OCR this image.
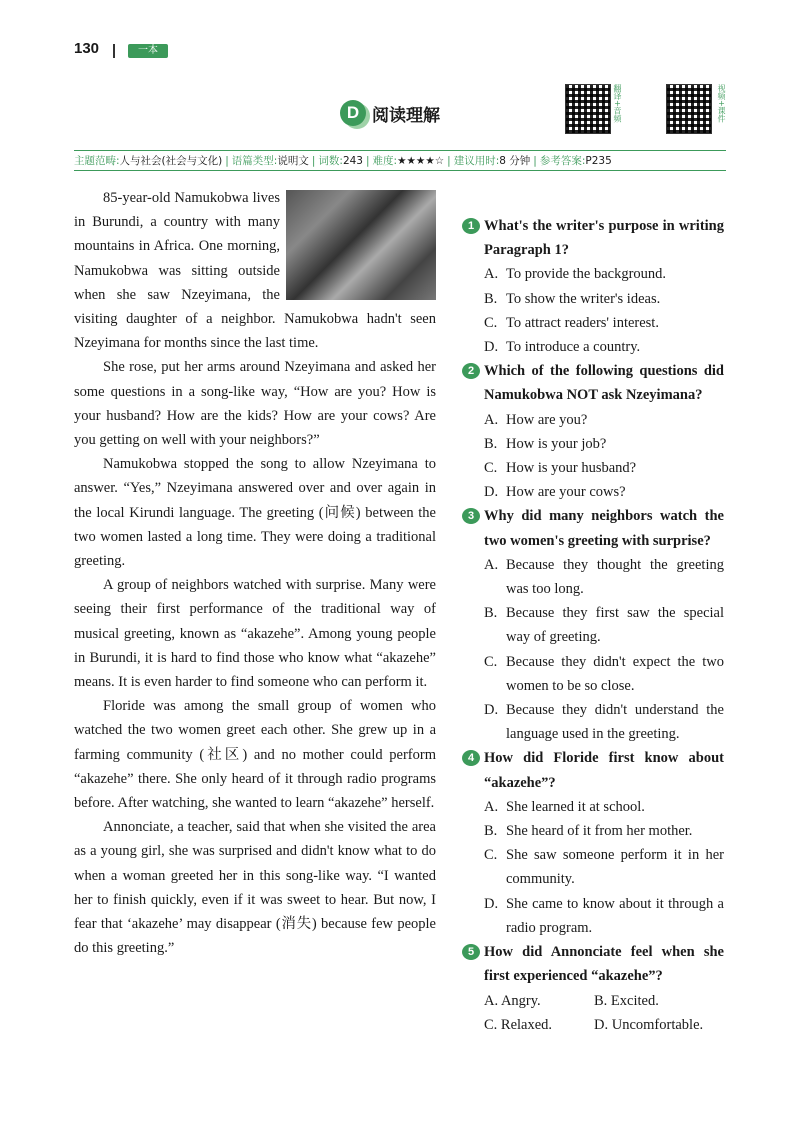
130	一本
D 阅读理解	翻译+音频	视频+课件
主题范畴: 人与社会(社会与文化) | 语篇类型: 说明文 | 词数: 243 | 难度: ★★★★☆ | 建议用时: 8 分钟 | 参考答案: P235

85-year-old Namukobwa lives in Burundi, a country with many mountains in Africa. One morning, Namukobwa was sitting outside when she saw Nzeyimana, the visiting daughter of a neighbor. Namukobwa hadn't seen Nzeyimana for months since the last time.

She rose, put her arms around Nzeyimana and asked her some questions in a song-like way, “How are you? How is your husband? How are the kids? How are your cows? Are you getting on well with your neighbors?”

Namukobwa stopped the song to allow Nzeyimana to answer. “Yes,” Nzeyimana answered over and over again in the local Kirundi language. The greeting (问候) between the two women lasted a long time. They were doing a traditional greeting.

A group of neighbors watched with surprise. Many were seeing their first performance of the traditional way of musical greeting, known as “akazehe”. Among young people in Burundi, it is hard to find those who know what “akazehe” means. It is even harder to find someone who can perform it.

Floride was among the small group of women who watched the two women greet each other. She grew up in a farming community (社区) and no mother could perform “akazehe” there. She only heard of it through radio programs before. After watching, she wanted to learn “akazehe” herself.

Annonciate, a teacher, said that when she visited the area as a young girl, she was surprised and didn't know what to do when a woman greeted her in this song-like way. “I wanted her to finish quickly, even if it was sweet to hear. But now, I fear that ‘akazehe’ may disappear (消失) because few people do this greeting.”

1 What's the writer's purpose in writing Paragraph 1?
A. To provide the background.
B. To show the writer's ideas.
C. To attract readers' interest.
D. To introduce a country.
2 Which of the following questions did Namukobwa NOT ask Nzeyimana?
A. How are you?
B. How is your job?
C. How is your husband?
D. How are your cows?
3 Why did many neighbors watch the two women's greeting with surprise?
A. Because they thought the greeting was too long.
B. Because they first saw the special way of greeting.
C. Because they didn't expect the two women to be so close.
D. Because they didn't understand the language used in the greeting.
4 How did Floride first know about “akazehe”?
A. She learned it at school.
B. She heard of it from her mother.
C. She saw someone perform it in her community.
D. She came to know about it through a radio program.
5 How did Annonciate feel when she first experienced “akazehe”?
A. Angry.	B. Excited.
C. Relaxed.	D. Uncomfortable.
